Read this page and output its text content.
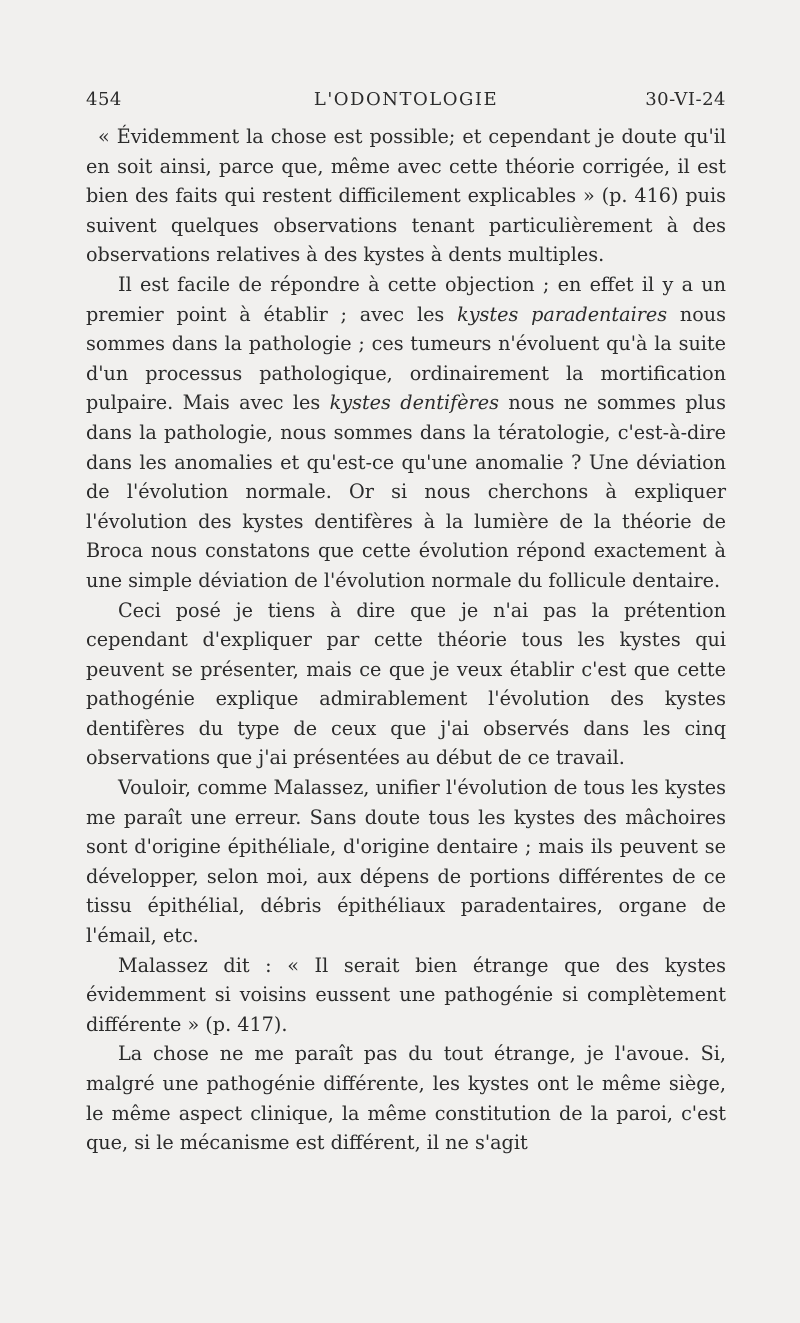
454	L'ODONTOLOGIE	30-VI-24

« Évidemment la chose est possible; et cependant je doute qu'il en soit ainsi, parce que, même avec cette théorie corrigée, il est bien des faits qui restent difficilement explicables » (p. 416) puis suivent quelques observations tenant particulièrement à des observations relatives à des kystes à dents multiples.

Il est facile de répondre à cette objection ; en effet il y a un premier point à établir ; avec les kystes paradentaires nous sommes dans la pathologie ; ces tumeurs n'évoluent qu'à la suite d'un processus pathologique, ordinairement la mortification pulpaire. Mais avec les kystes dentifères nous ne sommes plus dans la pathologie, nous sommes dans la tératologie, c'est-à-dire dans les anomalies et qu'est-ce qu'une anomalie ? Une déviation de l'évolution normale. Or si nous cherchons à expliquer l'évolution des kystes dentifères à la lumière de la théorie de Broca nous constatons que cette évolution répond exactement à une simple déviation de l'évolution normale du follicule dentaire.

Ceci posé je tiens à dire que je n'ai pas la prétention cependant d'expliquer par cette théorie tous les kystes qui peuvent se présenter, mais ce que je veux établir c'est que cette pathogénie explique admirablement l'évolution des kystes dentifères du type de ceux que j'ai observés dans les cinq observations que j'ai présentées au début de ce travail.

Vouloir, comme Malassez, unifier l'évolution de tous les kystes me paraît une erreur. Sans doute tous les kystes des mâchoires sont d'origine épithéliale, d'origine dentaire ; mais ils peuvent se développer, selon moi, aux dépens de portions différentes de ce tissu épithélial, débris épithéliaux paradentaires, organe de l'émail, etc.

Malassez dit : « Il serait bien étrange que des kystes évidemment si voisins eussent une pathogénie si complètement différente » (p. 417).

La chose ne me paraît pas du tout étrange, je l'avoue. Si, malgré une pathogénie différente, les kystes ont le même siège, le même aspect clinique, la même constitution de la paroi, c'est que, si le mécanisme est différent, il ne s'agit
